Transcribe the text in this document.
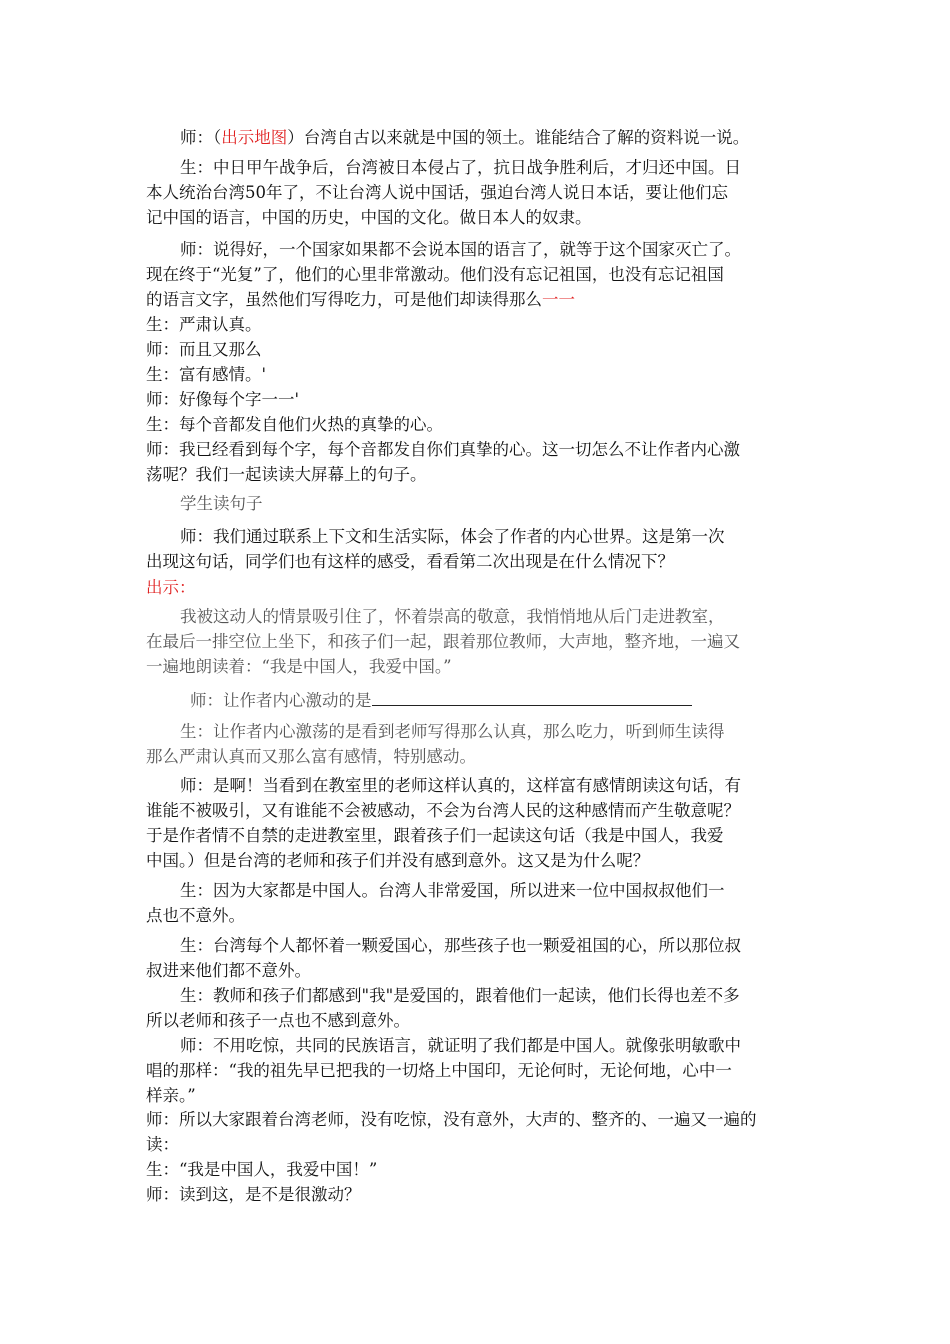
师：（出示地图）台湾自古以来就是中国的领土。谁能结合了解的资料说一说。

生：中日甲午战争后，台湾被日本侵占了，抗日战争胜利后，才归还中国。日
本人统治台湾50年了，不让台湾人说中国话，强迫台湾人说日本话，要让他们忘
记中国的语言，中国的历史，中国的文化。做日本人的奴隶。

师：说得好，一个国家如果都不会说本国的语言了，就等于这个国家灭亡了。
现在终于“光复”了，他们的心里非常激动。他们没有忘记祖国，也没有忘记祖国
的语言文字，虽然他们写得吃力，可是他们却读得那么一一

生：严肃认真。

师：而且又那么

生：富有感情。'

师：好像每个字一一'

生：每个音都发自他们火热的真挚的心。

师：我已经看到每个字，每个音都发自你们真挚的心。这一切怎么不让作者内心激
荡呢？我们一起读读大屏幕上的句子。

学生读句子

师：我们通过联系上下文和生活实际，体会了作者的内心世界。这是第一次
出现这句话，同学们也有这样的感受，看看第二次出现是在什么情况下？

出示：

我被这动人的情景吸引住了，怀着崇高的敬意，我悄悄地从后门走进教室，
在最后一排空位上坐下，和孩子们一起，跟着那位教师，大声地，整齐地，一遍又
一遍地朗读着：“我是中国人，我爱中国。”

师：让作者内心激动的是

生：让作者内心激荡的是看到老师写得那么认真，那么吃力，听到师生读得
那么严肃认真而又那么富有感情，特别感动。

师：是啊！当看到在教室里的老师这样认真的，这样富有感情朗读这句话，有
谁能不被吸引，又有谁能不会被感动，不会为台湾人民的这种感情而产生敬意呢？
于是作者情不自禁的走进教室里，跟着孩子们一起读这句话（我是中国人，我爱
中国。）但是台湾的老师和孩子们并没有感到意外。这又是为什么呢？

生：因为大家都是中国人。台湾人非常爱国，所以进来一位中国叔叔他们一
点也不意外。

生：台湾每个人都怀着一颗爱国心，那些孩子也一颗爱祖国的心，所以那位叔
叔进来他们都不意外。

生：教师和孩子们都感到"我"是爱国的，跟着他们一起读，他们长得也差不多
所以老师和孩子一点也不感到意外。

师：不用吃惊，共同的民族语言，就证明了我们都是中国人。就像张明敏歌中
唱的那样：“我的祖先早已把我的一切烙上中国印，无论何时，无论何地，心中一
样亲。”

师：所以大家跟着台湾老师，没有吃惊，没有意外，大声的、整齐的、一遍又一遍的
读：

生：“我是中国人，我爱中国！”

师：读到这，是不是很激动？
